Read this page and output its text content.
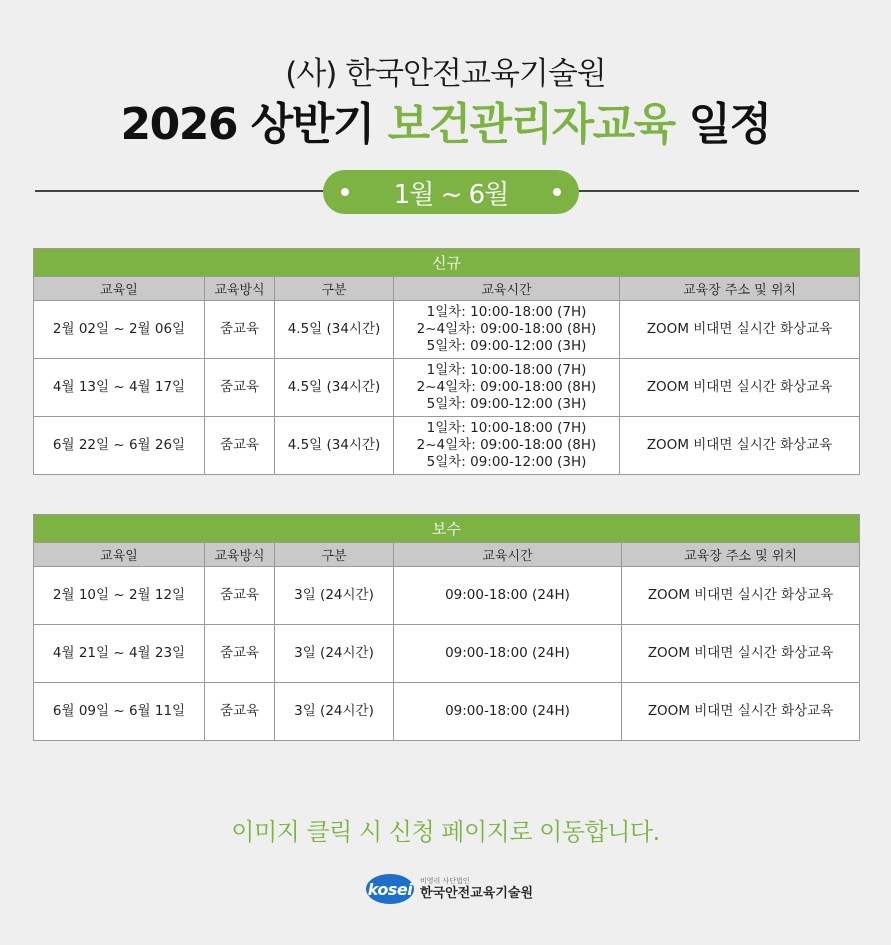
(사) 한국안전교육기술원
2026 상반기 보건관리자교육 일정
1월 ~ 6월
신규				
교육일	교육방식	구분	교육시간	교육장 주소 및 위치
2월 02일 ~ 2월 06일	줌교육	4.5일 (34시간)	1일차: 10:00-18:00 (7H)
2~4일차: 09:00-18:00 (8H)
5일차: 09:00-12:00 (3H)	ZOOM 비대면 실시간 화상교육
4월 13일 ~ 4월 17일	줌교육	4.5일 (34시간)	1일차: 10:00-18:00 (7H)
2~4일차: 09:00-18:00 (8H)
5일차: 09:00-12:00 (3H)	ZOOM 비대면 실시간 화상교육
6월 22일 ~ 6월 26일	줌교육	4.5일 (34시간)	1일차: 10:00-18:00 (7H)
2~4일차: 09:00-18:00 (8H)
5일차: 09:00-12:00 (3H)	ZOOM 비대면 실시간 화상교육
보수				
교육일	교육방식	구분	교육시간	교육장 주소 및 위치
2월 10일 ~ 2월 12일	줌교육	3일 (24시간)	09:00-18:00 (24H)	ZOOM 비대면 실시간 화상교육
4월 21일 ~ 4월 23일	줌교육	3일 (24시간)	09:00-18:00 (24H)	ZOOM 비대면 실시간 화상교육
6월 09일 ~ 6월 11일	줌교육	3일 (24시간)	09:00-18:00 (24H)	ZOOM 비대면 실시간 화상교육
이미지 클릭 시 신청 페이지로 이동합니다.
kosei 비영리 사단법인
한국안전교육기술원
